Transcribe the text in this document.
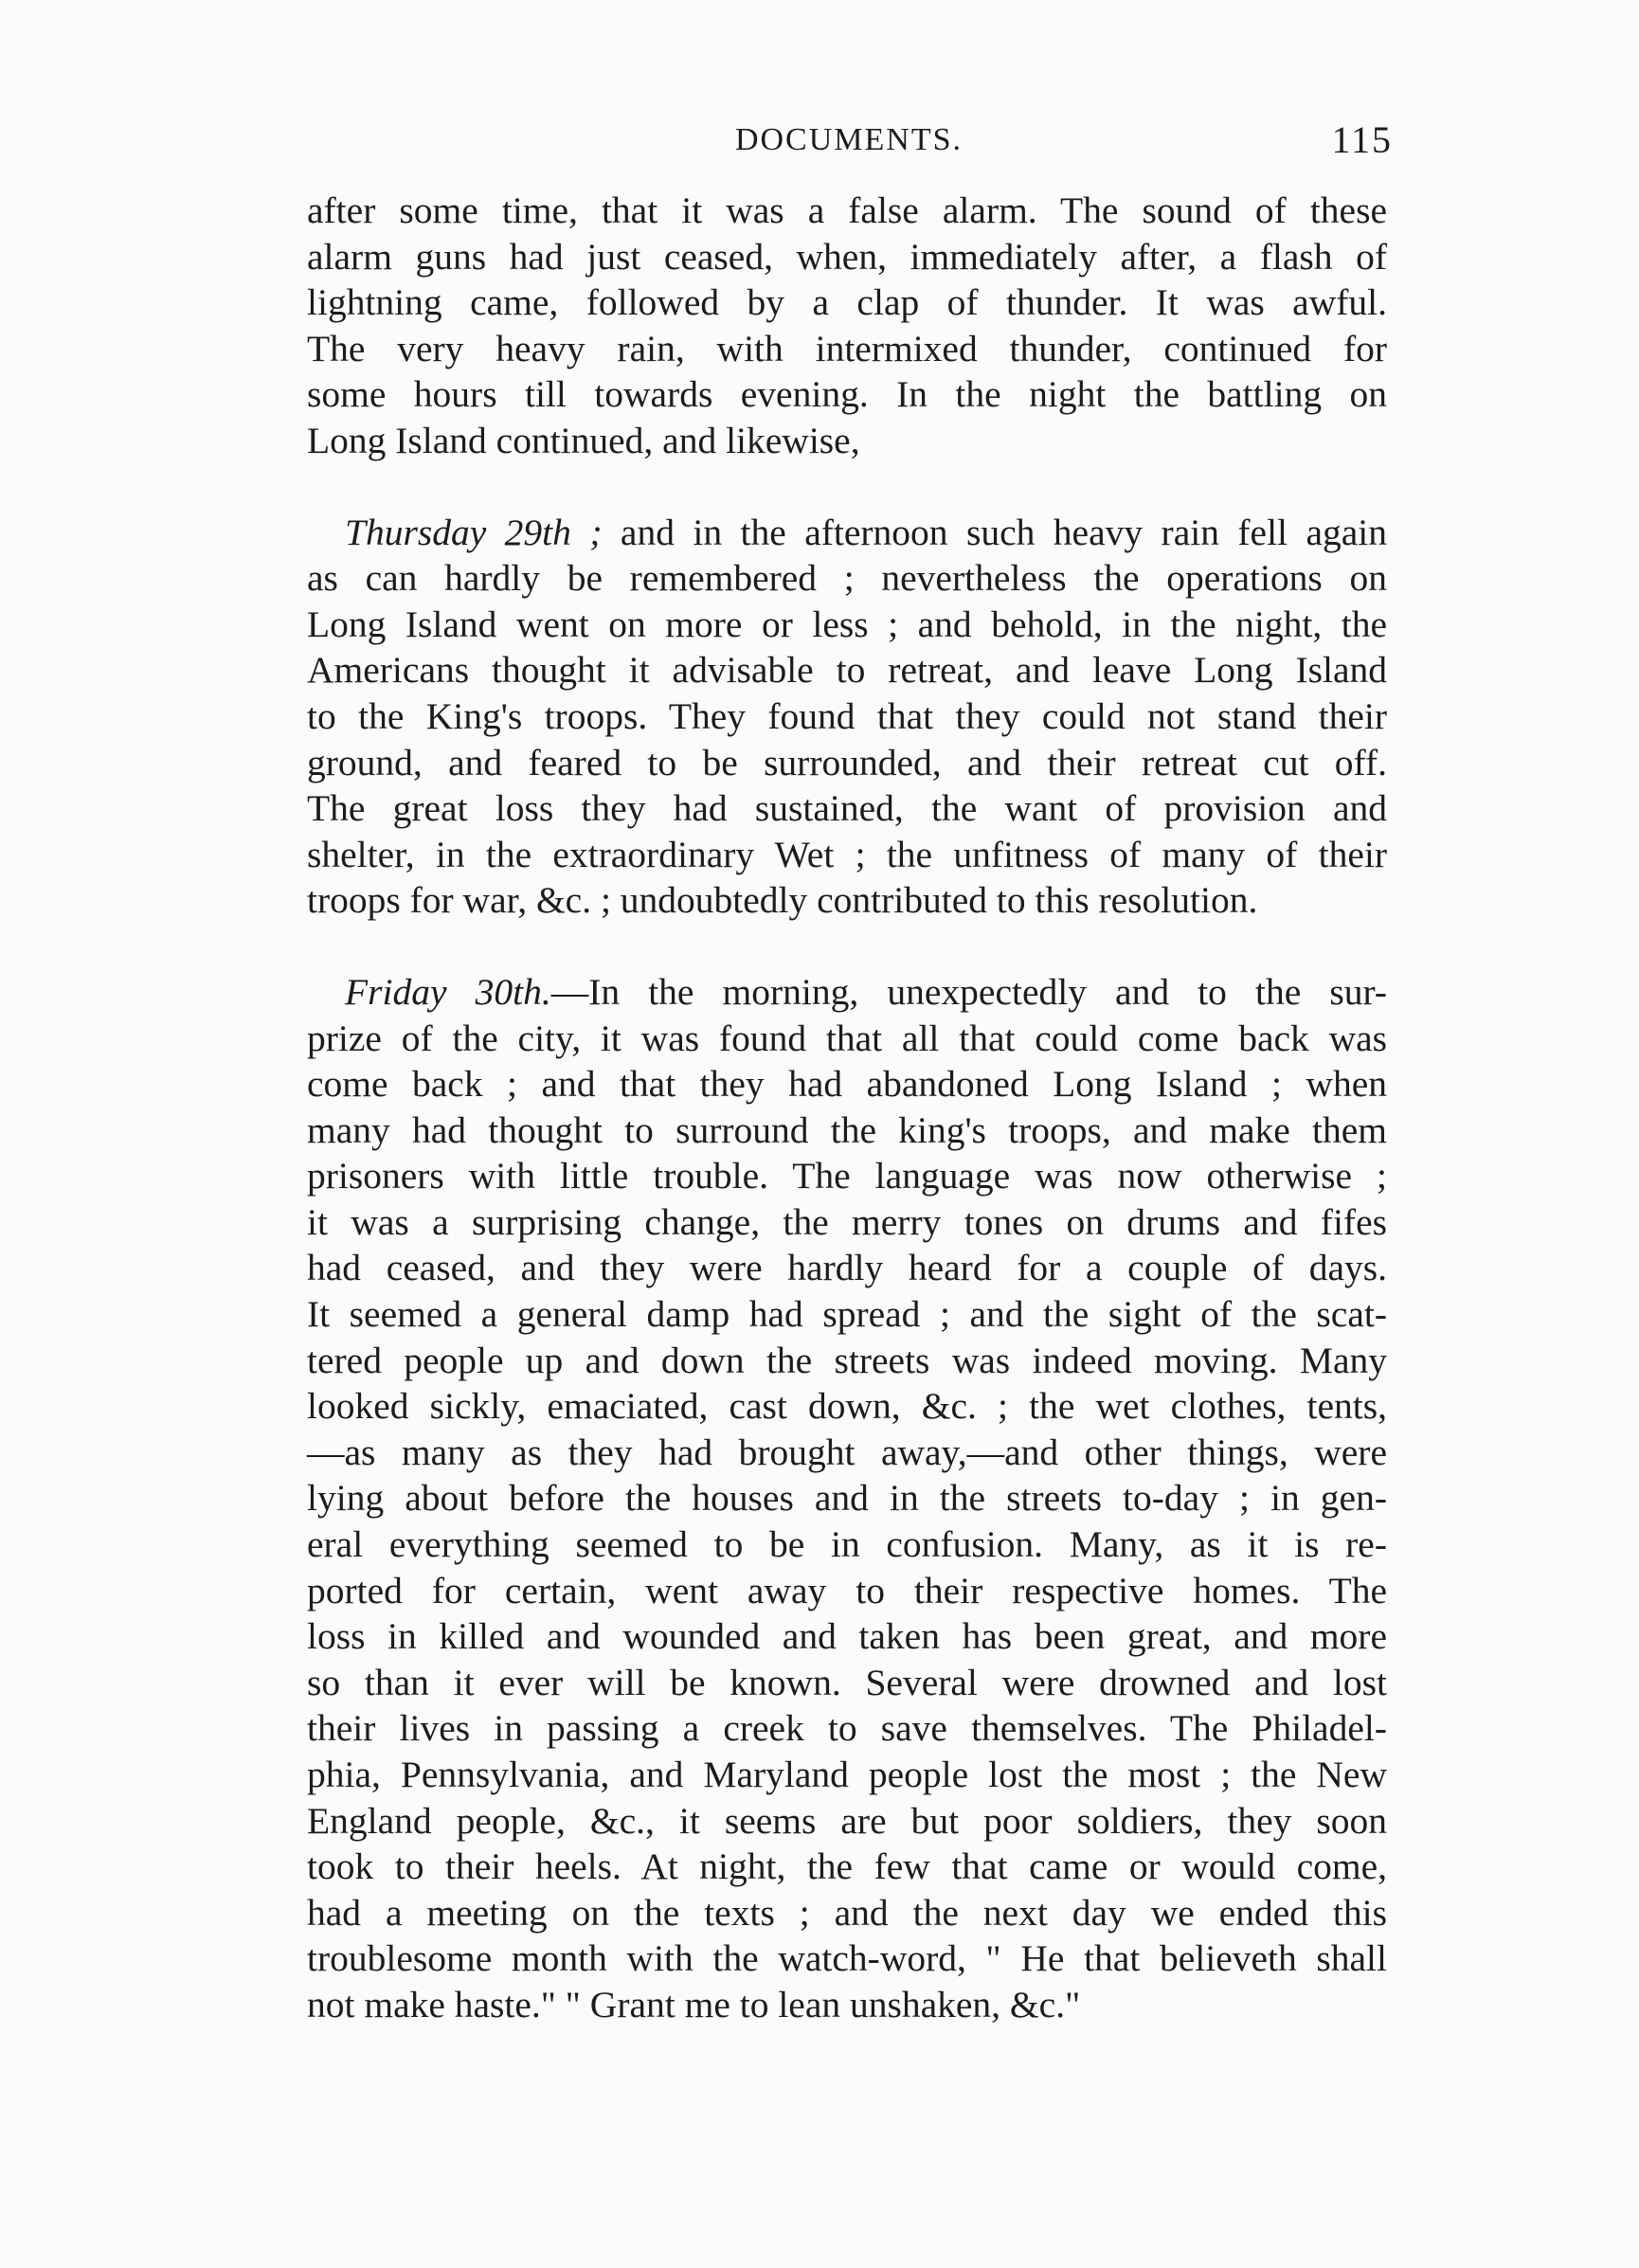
DOCUMENTS.	115

after some time, that it was a false alarm. The sound of these
alarm guns had just ceased, when, immediately after, a flash of
lightning came, followed by a clap of thunder. It was awful.
The very heavy rain, with intermixed thunder, continued for
some hours till towards evening. In the night the battling on
Long Island continued, and likewise,

Thursday 29th ; and in the afternoon such heavy rain fell again
as can hardly be remembered ; nevertheless the operations on
Long Island went on more or less ; and behold, in the night, the
Americans thought it advisable to retreat, and leave Long Island
to the King's troops. They found that they could not stand their
ground, and feared to be surrounded, and their retreat cut off.
The great loss they had sustained, the want of provision and
shelter, in the extraordinary Wet ; the unfitness of many of their
troops for war, &c. ; undoubtedly contributed to this resolution.

Friday 30th.—In the morning, unexpectedly and to the sur-
prize of the city, it was found that all that could come back was
come back ; and that they had abandoned Long Island ; when
many had thought to surround the king's troops, and make them
prisoners with little trouble. The language was now otherwise ;
it was a surprising change, the merry tones on drums and fifes
had ceased, and they were hardly heard for a couple of days.
It seemed a general damp had spread ; and the sight of the scat-
tered people up and down the streets was indeed moving. Many
looked sickly, emaciated, cast down, &c. ; the wet clothes, tents,
—as many as they had brought away,—and other things, were
lying about before the houses and in the streets to-day ; in gen-
eral everything seemed to be in confusion. Many, as it is re-
ported for certain, went away to their respective homes. The
loss in killed and wounded and taken has been great, and more
so than it ever will be known. Several were drowned and lost
their lives in passing a creek to save themselves. The Philadel-
phia, Pennsylvania, and Maryland people lost the most ; the New
England people, &c., it seems are but poor soldiers, they soon
took to their heels. At night, the few that came or would come,
had a meeting on the texts ; and the next day we ended this
troublesome month with the watch-word, " He that believeth shall
not make haste." " Grant me to lean unshaken, &c."
